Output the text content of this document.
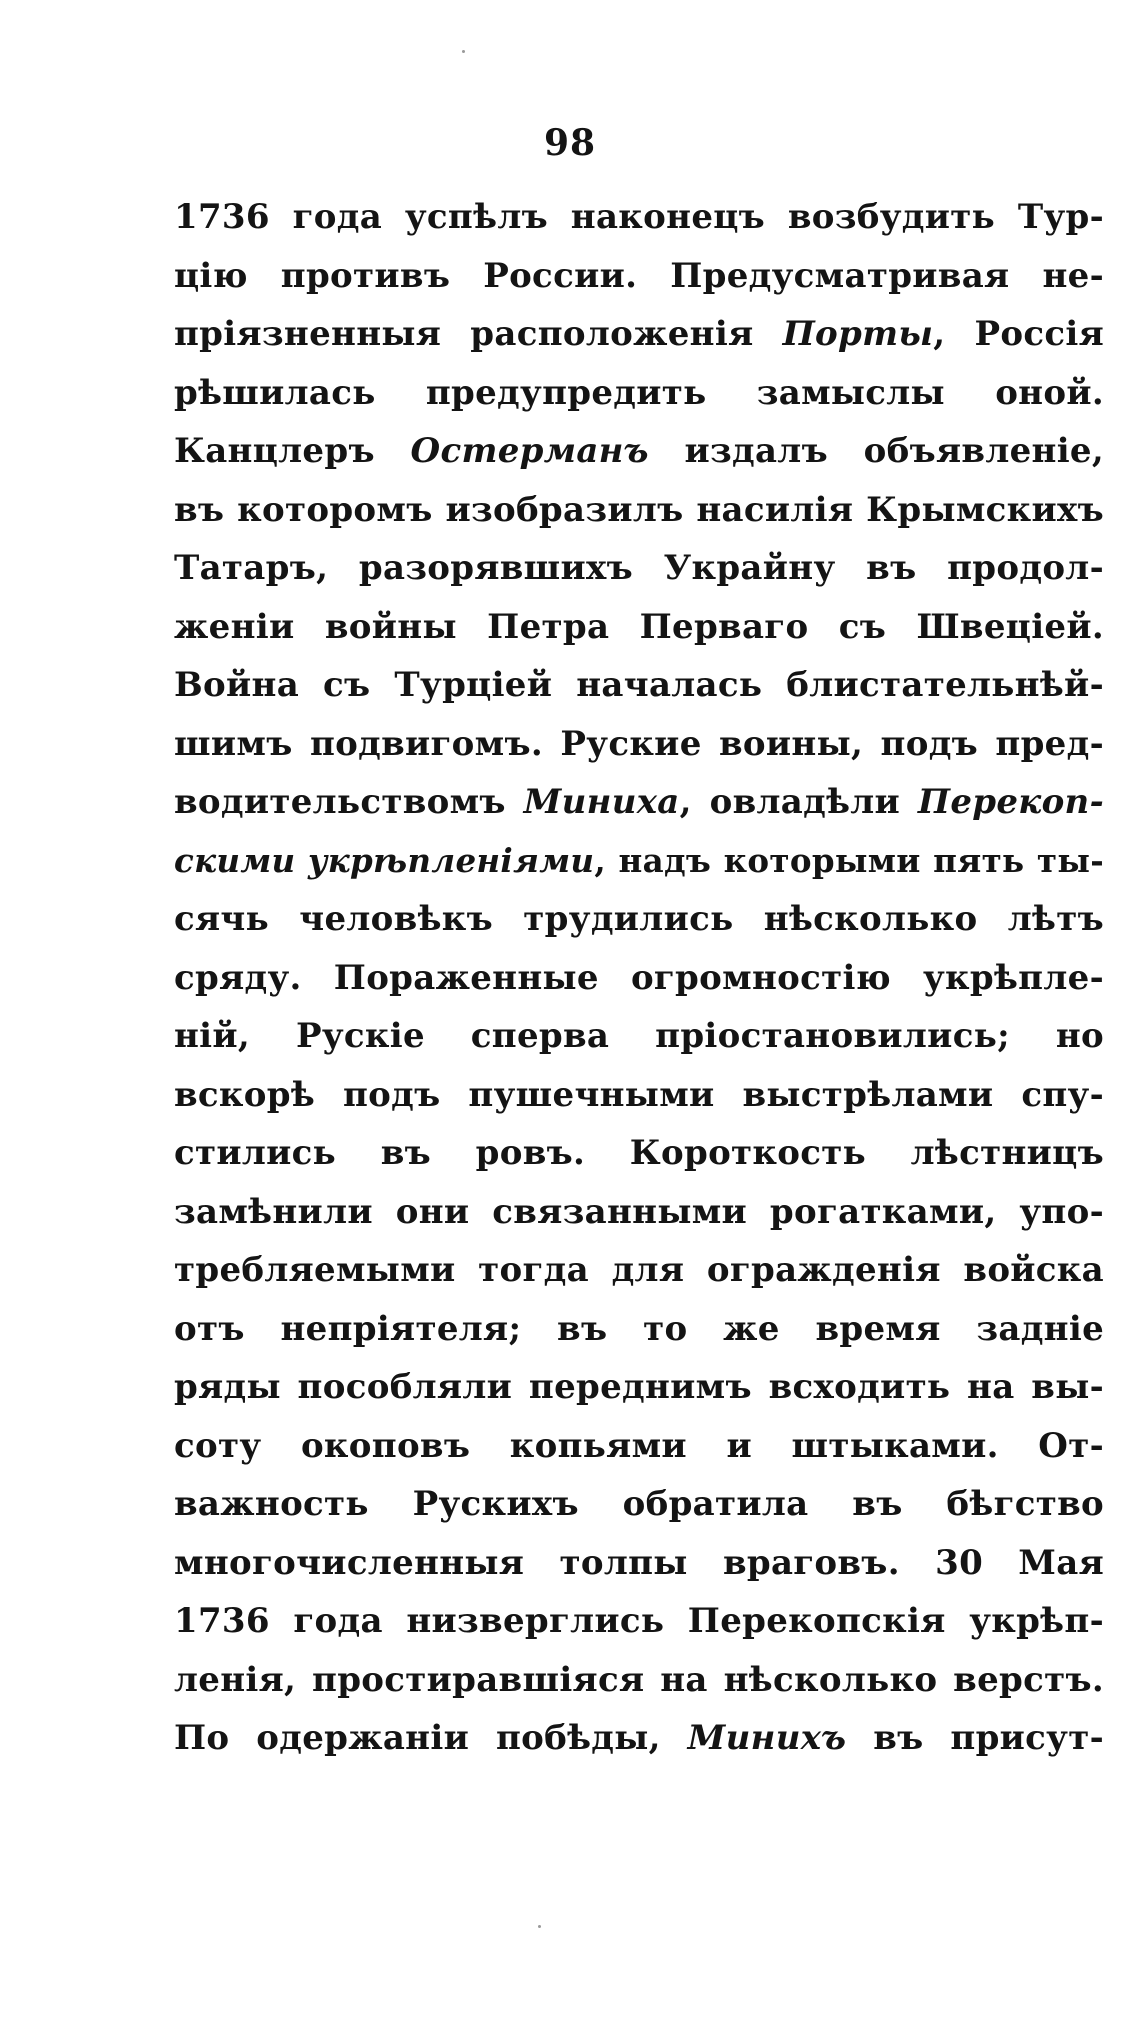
98
1736 года успѣлъ наконецъ возбудить Тур-
цію противъ России. Предусматривая не-
пріязненныя расположенія Порты, Россія
рѣшилась предупредить замыслы оной.
Канцлеръ Остерманъ издалъ объявленіе,
въ которомъ изобразилъ насилія Крымскихъ
Татаръ, разорявшихъ Украйну въ продол-
женіи войны Петра Перваго съ Швеціей.
Война съ Турціей началась блистательнѣй-
шимъ подвигомъ. Руские воины, подъ пред-
водительствомъ Миниха, овладѣли Перекоп-
скими укрѣпленіями, надъ которыми пять ты-
сячь человѣкъ трудились нѣсколько лѣтъ
сряду. Пораженные огромностію укрѣпле-
ній, Рускіе сперва пріостановились; но
вскорѣ подъ пушечными выстрѣлами спу-
стились въ ровъ. Короткость лѣстницъ
замѣнили они связанными рогатками, упо-
требляемыми тогда для огражденія войска
отъ непріятеля; въ то же время задніе
ряды пособляли переднимъ всходить на вы-
соту окоповъ копьями и штыками. От-
важность Рускихъ обратила въ бѣгство
многочисленныя толпы враговъ. 30 Мая
1736 года низверглись Перекопскія укрѣп-
ленія, простиравшіяся на нѣсколько верстъ.
По одержаніи побѣды, Минихъ въ присут-
